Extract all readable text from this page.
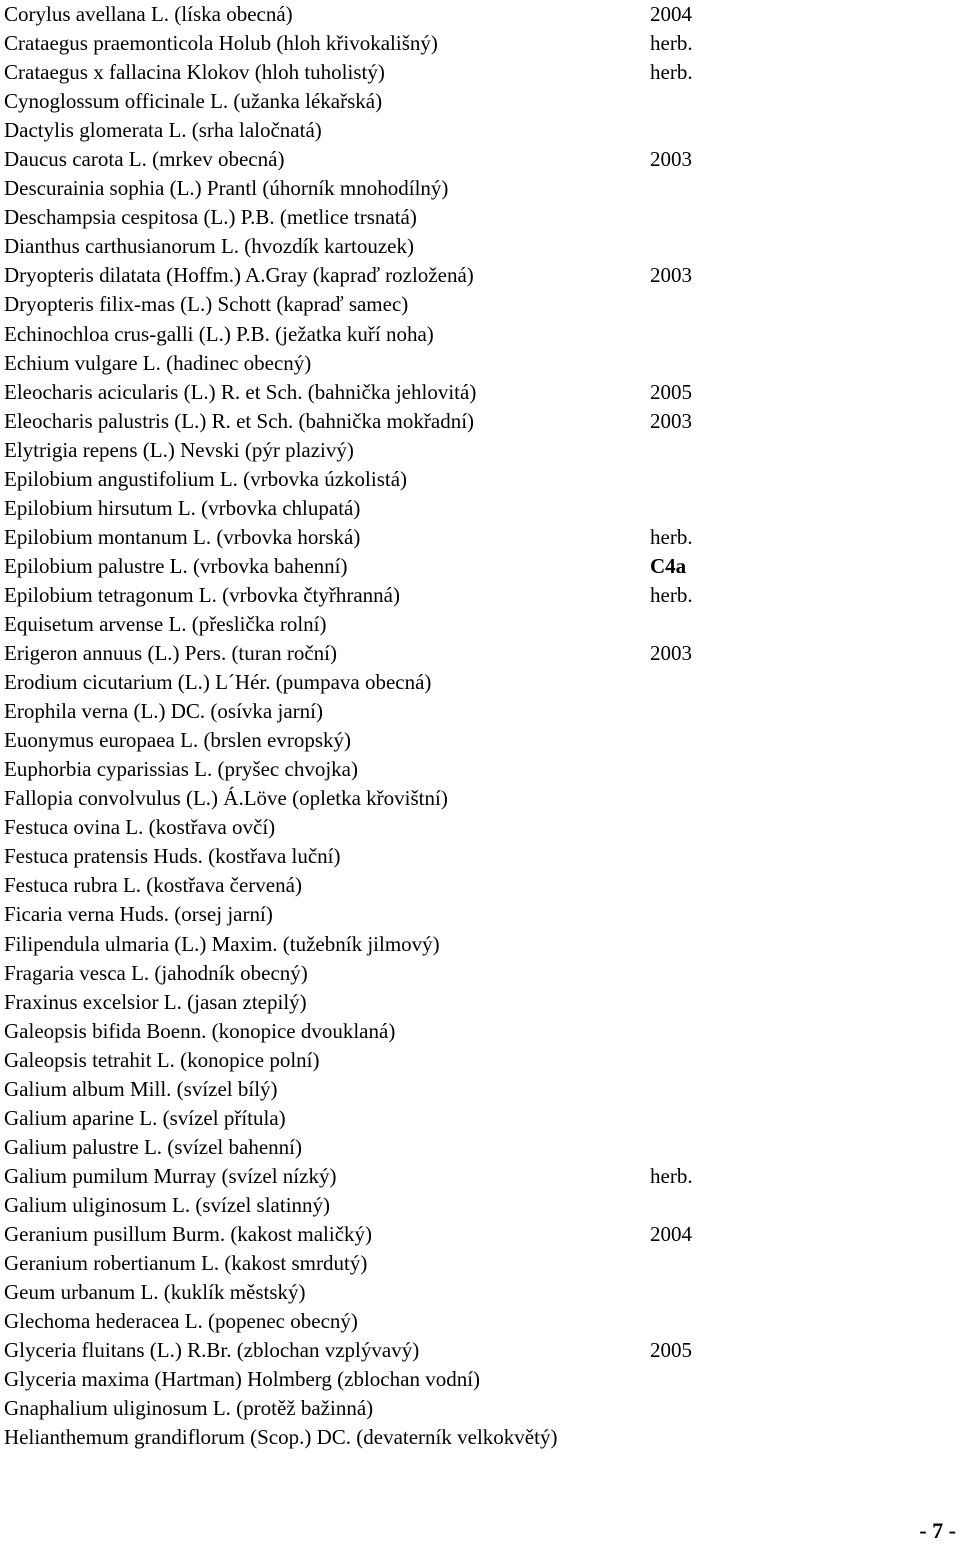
Corylus avellana L. (líska obecná)	2004
Crataegus praemonticola Holub (hloh křivokališný)	herb.
Crataegus x fallacina Klokov (hloh tuholistý)	herb.
Cynoglossum officinale L. (užanka lékařská)
Dactylis glomerata L. (srha laločnatá)
Daucus carota L. (mrkev obecná)	2003
Descurainia sophia (L.) Prantl (úhorník mnohodílný)
Deschampsia cespitosa (L.) P.B. (metlice trsnatá)
Dianthus carthusianorum L. (hvozdík kartouzek)
Dryopteris dilatata (Hoffm.) A.Gray (kapraď rozložená)	2003
Dryopteris filix-mas (L.) Schott (kapraď samec)
Echinochloa crus-galli (L.) P.B. (ježatka kuří noha)
Echium vulgare L. (hadinec obecný)
Eleocharis acicularis (L.) R. et Sch. (bahnička jehlovitá)	2005
Eleocharis palustris (L.) R. et Sch. (bahnička mokřadní)	2003
Elytrigia repens (L.) Nevski (pýr plazivý)
Epilobium angustifolium L. (vrbovka úzkolistá)
Epilobium hirsutum L. (vrbovka chlupatá)
Epilobium montanum L. (vrbovka horská)	herb.
Epilobium palustre L. (vrbovka bahenní)	C4a
Epilobium tetragonum L. (vrbovka čtyřhranná)	herb.
Equisetum arvense L. (přeslička rolní)
Erigeron annuus (L.) Pers. (turan roční)	2003
Erodium cicutarium (L.) L´Hér. (pumpava obecná)
Erophila verna (L.) DC. (osívka jarní)
Euonymus europaea L. (brslen evropský)
Euphorbia cyparissias L. (pryšec chvojka)
Fallopia convolvulus (L.) Á.Löve (opletka křovištní)
Festuca ovina L. (kostřava ovčí)
Festuca pratensis Huds. (kostřava luční)
Festuca rubra L. (kostřava červená)
Ficaria verna Huds. (orsej jarní)
Filipendula ulmaria (L.) Maxim. (tužebník jilmový)
Fragaria vesca L. (jahodník obecný)
Fraxinus excelsior L. (jasan ztepilý)
Galeopsis bifida Boenn. (konopice dvouklaná)
Galeopsis tetrahit L. (konopice polní)
Galium album Mill. (svízel bílý)
Galium aparine L. (svízel přítula)
Galium palustre L. (svízel bahenní)
Galium pumilum Murray (svízel nízký)	herb.
Galium uliginosum L. (svízel slatinný)
Geranium pusillum Burm. (kakost maličký)	2004
Geranium robertianum L. (kakost smrdutý)
Geum urbanum L. (kuklík městský)
Glechoma hederacea L. (popenec obecný)
Glyceria fluitans (L.) R.Br. (zblochan vzplývavý)	2005
Glyceria maxima (Hartman) Holmberg (zblochan vodní)
Gnaphalium uliginosum L. (protěž bažinná)
Helianthemum grandiflorum (Scop.) DC. (devaterník velkokvětý)
- 7 -
